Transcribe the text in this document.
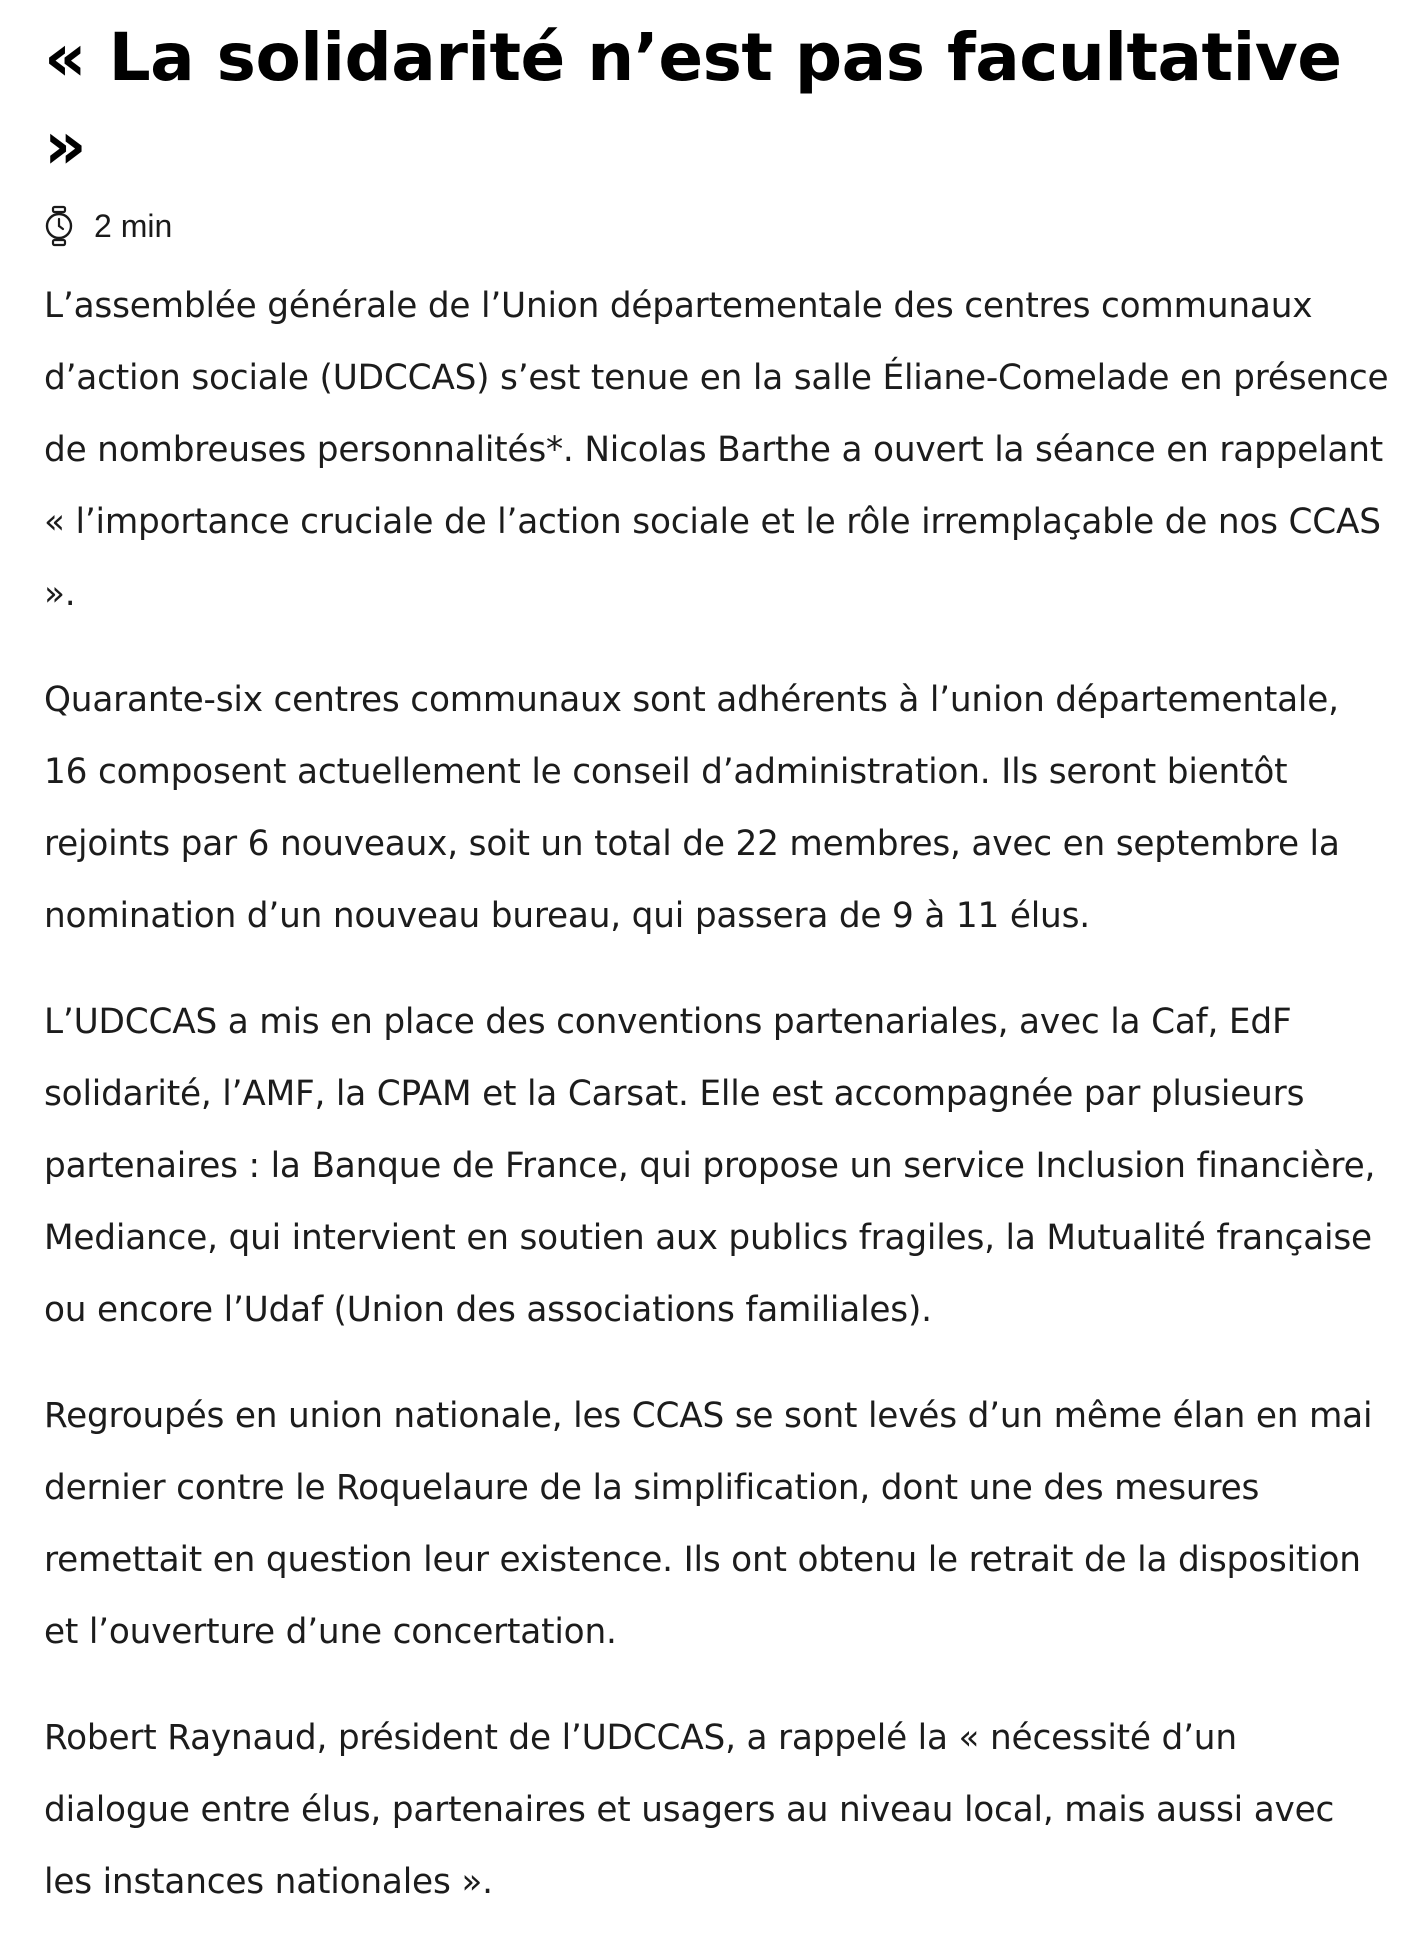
« La solidarité n’est pas facultative »
2 min

L’assemblée générale de l’Union départementale des centres communaux d’action sociale (UDCCAS) s’est tenue en la salle Éliane-Comelade en présence de nombreuses personnalités*. Nicolas Barthe a ouvert la séance en rappelant « l’importance cruciale de l’action sociale et le rôle irremplaçable de nos CCAS ».

Quarante-six centres communaux sont adhérents à l’union départementale, 16 composent actuellement le conseil d’administration. Ils seront bientôt rejoints par 6 nouveaux, soit un total de 22 membres, avec en septembre la nomination d’un nouveau bureau, qui passera de 9 à 11 élus.

L’UDCCAS a mis en place des conventions partenariales, avec la Caf, EdF solidarité, l’AMF, la CPAM et la Carsat. Elle est accompagnée par plusieurs partenaires : la Banque de France, qui propose un service Inclusion financière, Mediance, qui intervient en soutien aux publics fragiles, la Mutualité française ou encore l’Udaf (Union des associations familiales).

Regroupés en union nationale, les CCAS se sont levés d’un même élan en mai dernier contre le Roquelaure de la simplification, dont une des mesures remettait en question leur existence. Ils ont obtenu le retrait de la disposition et l’ouverture d’une concertation.

Robert Raynaud, président de l’UDCCAS, a rappelé la « nécessité d’un dialogue entre élus, partenaires et usagers au niveau local, mais aussi avec les instances nationales ».
